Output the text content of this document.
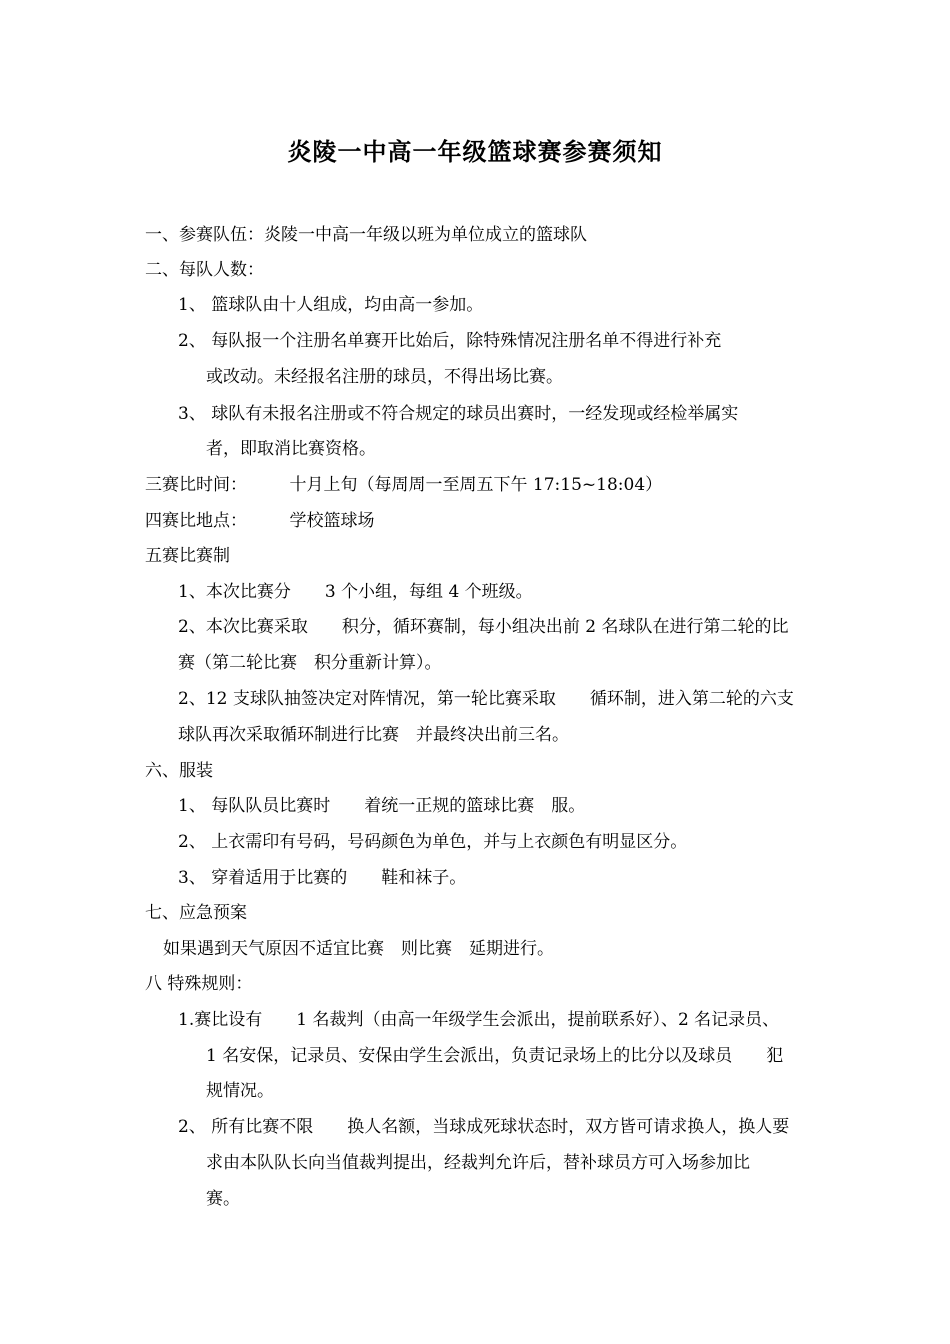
炎陵一中高一年级篮球赛参赛须知
一、参赛队伍：炎陵一中高一年级以班为单位成立的篮球队
二、每队人数：
1、 篮球队由十人组成，均由高一参加。
2、 每队报一个注册名单赛开比始后，除特殊情况注册名单不得进行补充
或改动。未经报名注册的球员，不得出场比赛。
3、 球队有未报名注册或不符合规定的球员出赛时，一经发现或经检举属实
者，即取消比赛资格。
三赛比时间：　　　十月上旬（每周周一至周五下午 17:15~18:04）
四赛比地点：　　　学校篮球场
五赛比赛制
1、本次比赛分　　3 个小组，每组 4 个班级。
2、本次比赛采取　　积分，循环赛制，每小组决出前 2 名球队在进行第二轮的比
赛（第二轮比赛　积分重新计算）。
2、12 支球队抽签决定对阵情况，第一轮比赛采取　　循环制，进入第二轮的六支
球队再次采取循环制进行比赛　并最终决出前三名。
六、服装
1、 每队队员比赛时　　着统一正规的篮球比赛　服。
2、 上衣需印有号码，号码颜色为单色，并与上衣颜色有明显区分。
3、 穿着适用于比赛的　　鞋和袜子。
七、应急预案
如果遇到天气原因不适宜比赛　则比赛　延期进行。
八 特殊规则：
1.赛比设有　　1 名裁判（由高一年级学生会派出，提前联系好）、2 名记录员、
1 名安保，记录员、安保由学生会派出，负责记录场上的比分以及球员　　犯
规情况。
2、 所有比赛不限　　换人名额，当球成死球状态时，双方皆可请求换人，换人要
求由本队队长向当值裁判提出，经裁判允许后，替补球员方可入场参加比
赛。
